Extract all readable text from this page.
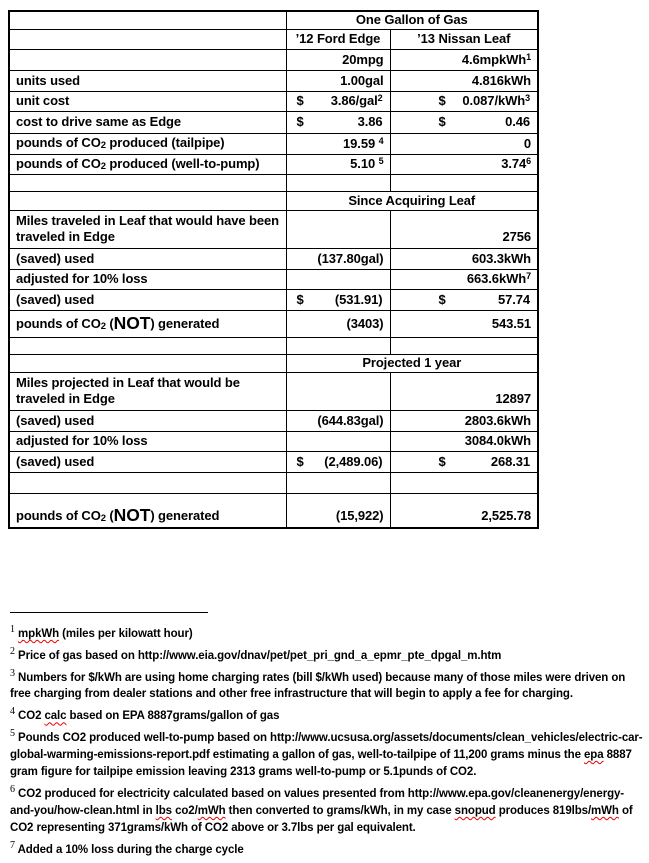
	One Gallon of Gas	
	’12 Ford Edge	’13 Nissan Leaf
	20mpg	4.6mpkWh$^1$
units used	1.00gal	4.816kWh
unit cost	$ 3.86/gal$^2$	$ 0.087/kWh$^3$

cost to drive same as Edge	$ 3.86	$ 0.46

pounds of CO2 produced (tailpipe)	19.59 $^4$	0
pounds of CO2 produced (well-to-pump)	5.10 $^5$	3.74$^6$

	Since Acquiring Leaf	
Miles traveled in Leaf that would have been traveled in Edge		2756
(saved) used	(137.80gal)	603.3kWh
adjusted for 10% loss		663.6kWh$^7$
(saved) used	$ (531.91)	$ 57.74

pounds of CO2 (NOT) generated	(3403)	543.51

	Projected 1 year	
Miles projected in Leaf that would be traveled in Edge		12897
(saved) used	(644.83gal)	2803.6kWh
adjusted for 10% loss		3084.0kWh
(saved) used	$ (2,489.06)	$ 268.31

pounds of CO2 (NOT) generated	(15,922)	2,525.78

$^1$ mpkWh (miles per kilowatt hour)

$^2$ Price of gas based on http://www.eia.gov/dnav/pet/pet_pri_gnd_a_epmr_pte_dpgal_m.htm

$^3$ Numbers for $/kWh are using home charging rates (bill $/kWh used) because many of those miles were driven on free charging from dealer stations and other free infrastructure that will begin to apply a fee for charging.

$^4$ CO2 calc based on EPA 8887grams/gallon of gas

$^5$ Pounds CO2 produced well-to-pump based on http://www.ucsusa.org/assets/documents/clean_vehicles/electric-car-global-warming-emissions-report.pdf estimating a gallon of gas, well-to-tailpipe of 11,200 grams minus the epa 8887 gram figure for tailpipe emission leaving 2313 grams well-to-pump or 5.1punds of CO2.

$^6$ CO2 produced for electricity calculated based on values presented from http://www.epa.gov/cleanenergy/energy-and-you/how-clean.html in lbs co2/mWh then converted to grams/kWh, in my case snopud produces 819lbs/mWh of CO2 representing 371grams/kWh of CO2 above or 3.7lbs per gal equivalent.

$^7$ Added a 10% loss during the charge cycle
